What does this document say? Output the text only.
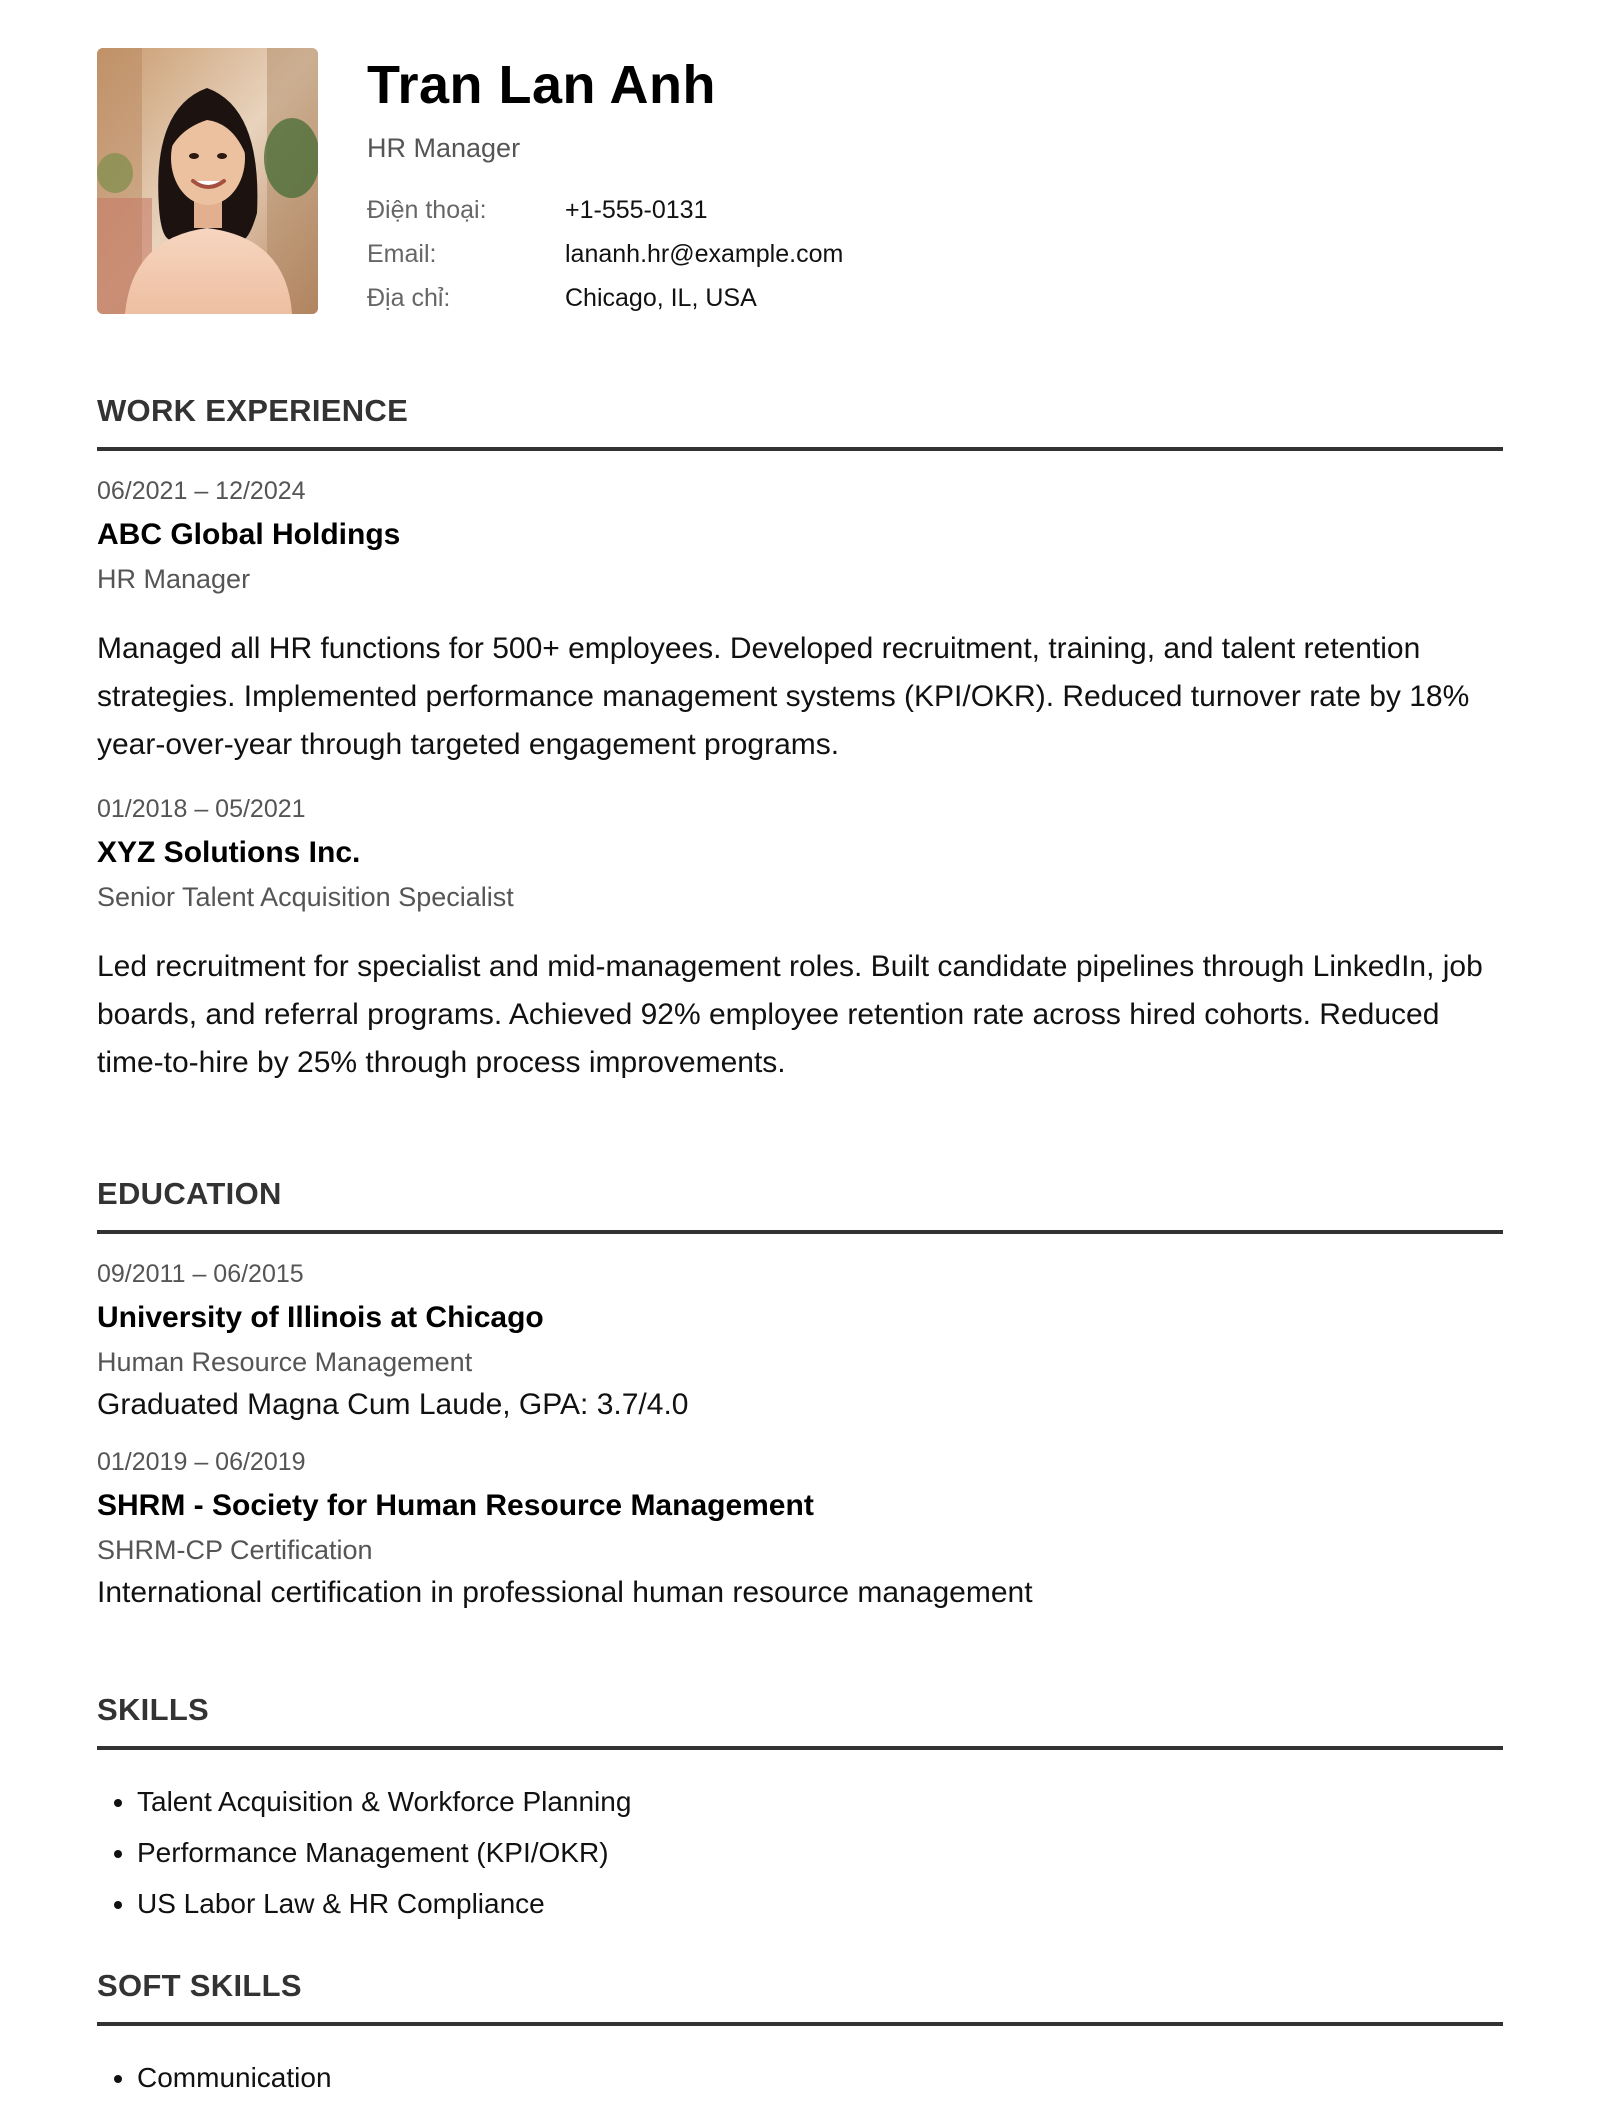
Tran Lan Anh
HR Manager
Điện thoại:	+1-555-0131
Email:	lananh.hr@example.com
Địa chỉ:	Chicago, IL, USA
WORK EXPERIENCE
06/2021 – 12/2024
ABC Global Holdings
HR Manager
Managed all HR functions for 500+ employees. Developed recruitment, training, and talent retention strategies. Implemented performance management systems (KPI/OKR). Reduced turnover rate by 18% year-over-year through targeted engagement programs.
01/2018 – 05/2021
XYZ Solutions Inc.
Senior Talent Acquisition Specialist
Led recruitment for specialist and mid-management roles. Built candidate pipelines through LinkedIn, job boards, and referral programs. Achieved 92% employee retention rate across hired cohorts. Reduced time-to-hire by 25% through process improvements.
EDUCATION
09/2011 – 06/2015
University of Illinois at Chicago
Human Resource Management
Graduated Magna Cum Laude, GPA: 3.7/4.0
01/2019 – 06/2019
SHRM - Society for Human Resource Management
SHRM-CP Certification
International certification in professional human resource management
SKILLS
• Talent Acquisition & Workforce Planning
• Performance Management (KPI/OKR)
• US Labor Law & HR Compliance
SOFT SKILLS
• Communication
